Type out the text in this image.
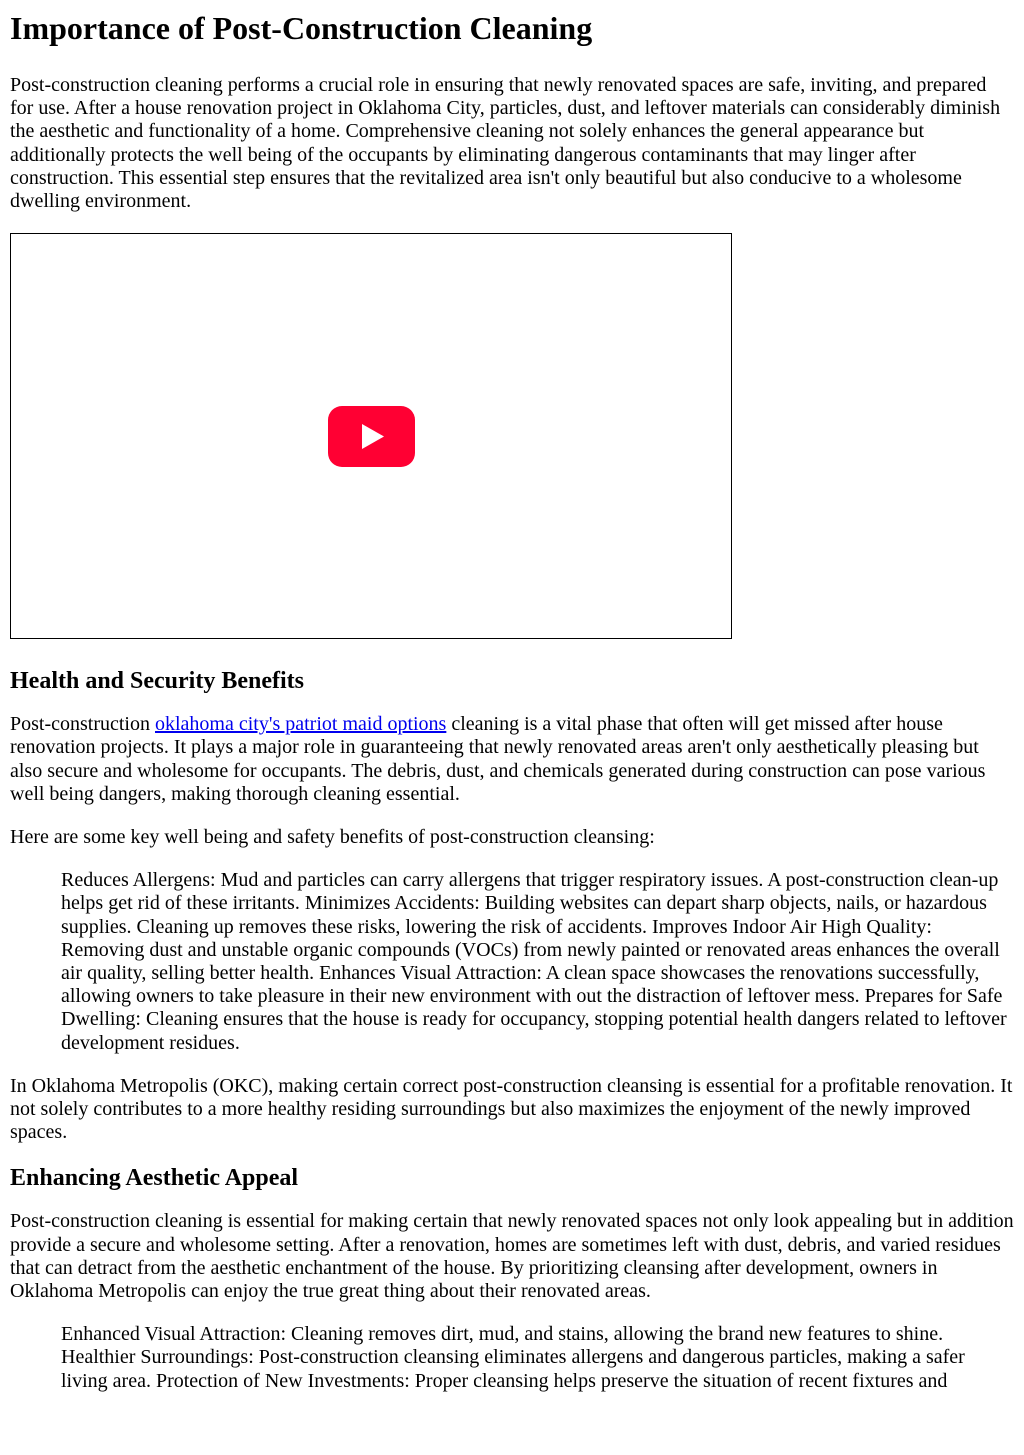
Importance of Post-Construction Cleaning

Post-construction cleaning performs a crucial role in ensuring that newly renovated spaces are safe, inviting, and prepared for use. After a house renovation project in Oklahoma City, particles, dust, and leftover materials can considerably diminish the aesthetic and functionality of a home. Comprehensive cleaning not solely enhances the general appearance but additionally protects the well being of the occupants by eliminating dangerous contaminants that may linger after construction. This essential step ensures that the revitalized area isn't only beautiful but also conducive to a wholesome dwelling environment.

Health and Security Benefits

Post-construction oklahoma city's patriot maid options cleaning is a vital phase that often will get missed after house renovation projects. It plays a major role in guaranteeing that newly renovated areas aren't only aesthetically pleasing but also secure and wholesome for occupants. The debris, dust, and chemicals generated during construction can pose various well being dangers, making thorough cleaning essential.

Here are some key well being and safety benefits of post-construction cleansing:

Reduces Allergens: Mud and particles can carry allergens that trigger respiratory issues. A post-construction clean-up helps get rid of these irritants. Minimizes Accidents: Building websites can depart sharp objects, nails, or hazardous supplies. Cleaning up removes these risks, lowering the risk of accidents. Improves Indoor Air High Quality: Removing dust and unstable organic compounds (VOCs) from newly painted or renovated areas enhances the overall air quality, selling better health. Enhances Visual Attraction: A clean space showcases the renovations successfully, allowing owners to take pleasure in their new environment with out the distraction of leftover mess. Prepares for Safe Dwelling: Cleaning ensures that the house is ready for occupancy, stopping potential health dangers related to leftover development residues.

In Oklahoma Metropolis (OKC), making certain correct post-construction cleansing is essential for a profitable renovation. It not solely contributes to a more healthy residing surroundings but also maximizes the enjoyment of the newly improved spaces.

Enhancing Aesthetic Appeal

Post-construction cleaning is essential for making certain that newly renovated spaces not only look appealing but in addition provide a secure and wholesome setting. After a renovation, homes are sometimes left with dust, debris, and varied residues that can detract from the aesthetic enchantment of the house. By prioritizing cleansing after development, owners in Oklahoma Metropolis can enjoy the true great thing about their renovated areas.

Enhanced Visual Attraction: Cleaning removes dirt, mud, and stains, allowing the brand new features to shine. Healthier Surroundings: Post-construction cleansing eliminates allergens and dangerous particles, making a safer living area. Protection of New Investments: Proper cleansing helps preserve the situation of recent fixtures and
